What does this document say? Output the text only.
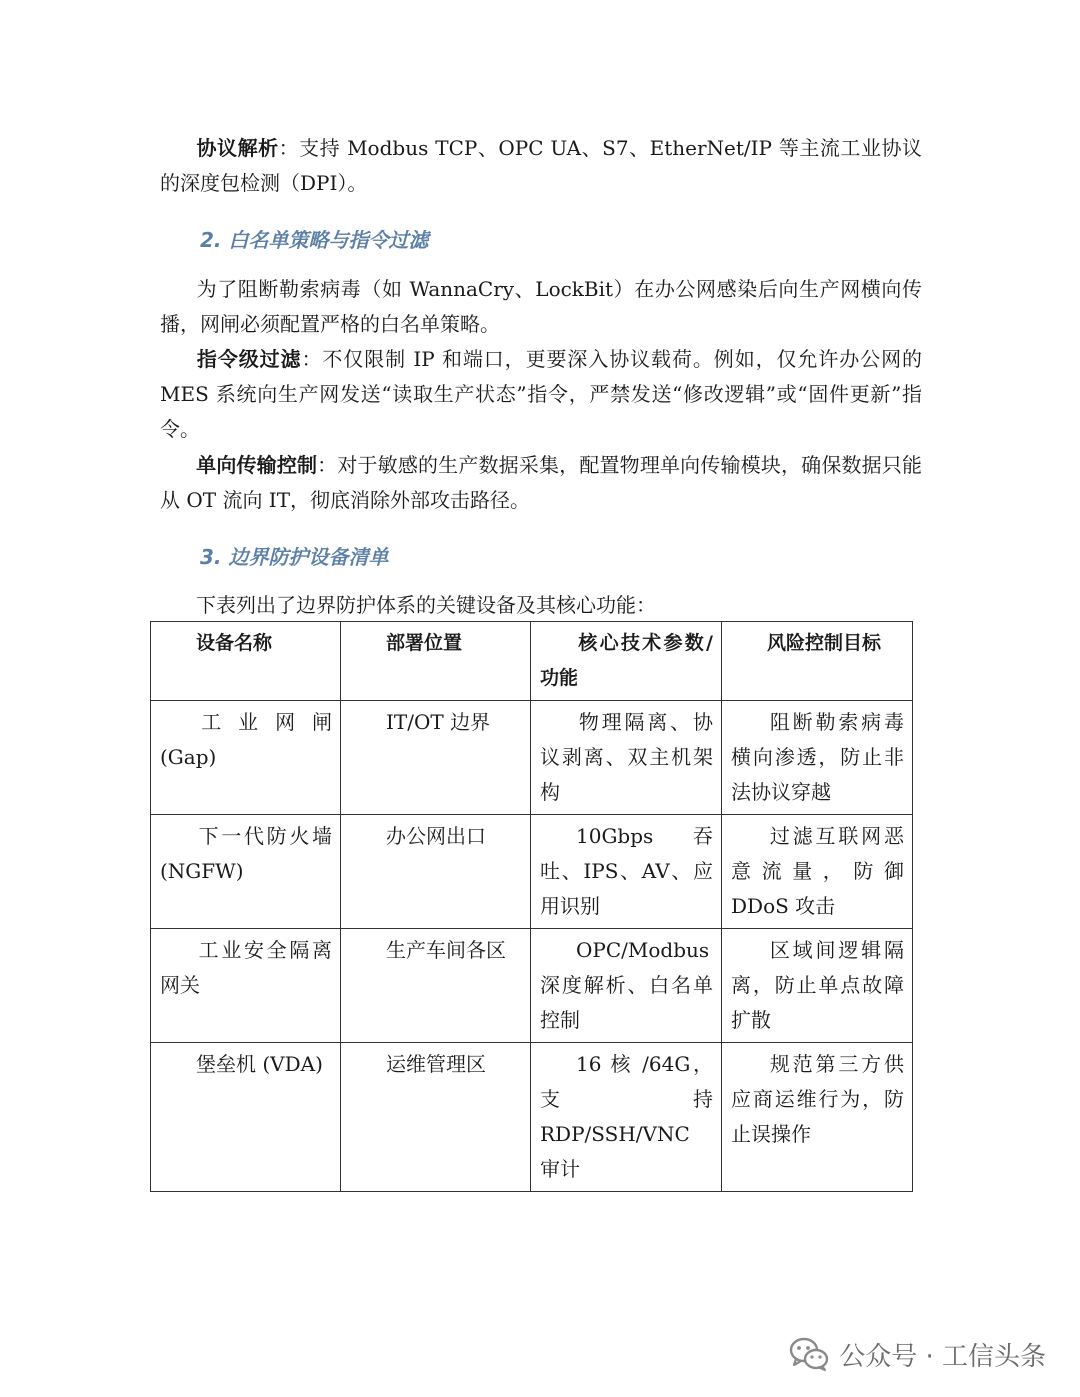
协议解析：支持 Modbus TCP、OPC UA、S7、EtherNet/IP 等主流工业协议的深度包检测（DPI）。

2. 白名单策略与指令过滤

为了阻断勒索病毒（如 WannaCry、LockBit）在办公网感染后向生产网横向传播，网闸必须配置严格的白名单策略。

指令级过滤：不仅限制 IP 和端口，更要深入协议载荷。例如，仅允许办公网的 MES 系统向生产网发送“读取生产状态”指令，严禁发送“修改逻辑”或“固件更新”指令。

单向传输控制：对于敏感的生产数据采集，配置物理单向传输模块，确保数据只能从 OT 流向 IT，彻底消除外部攻击路径。

3. 边界防护设备清单

下表列出了边界防护体系的关键设备及其核心功能：

设备名称	部署位置	核心技术参数/功能	风险控制目标
工 业 网 闸 (Gap)	IT/OT 边界	物理隔离、协议剥离、双主机架构	阻断勒索病毒横向渗透，防止非法协议穿越
下一代防火墙 (NGFW)	办公网出口	10Gbps 吞吐、IPS、AV、应用识别	过滤互联网恶意流量，防御 DDoS 攻击
工业安全隔离网关	生产车间各区	OPC/Modbus 深度解析、白名单控制	区域间逻辑隔离，防止单点故障扩散
堡垒机 (VDA)	运维管理区	16 核 /64G，支持 RDP/SSH/VNC 审计	规范第三方供应商运维行为，防止误操作
公众号 · 工信头条
